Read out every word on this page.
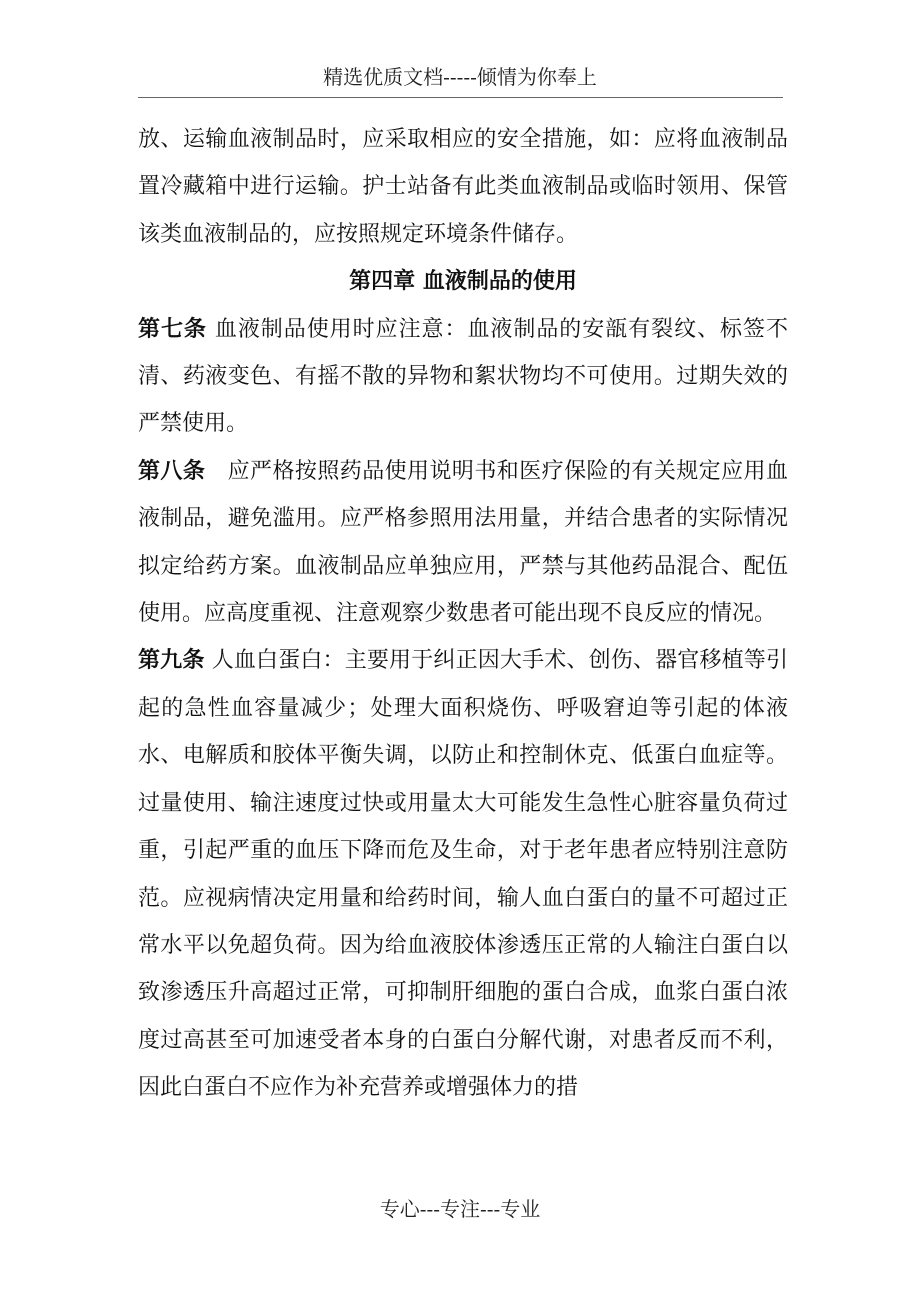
精选优质文档-----倾情为你奉上

放、运输血液制品时，应采取相应的安全措施，如：应将血液制品置冷藏箱中进行运输。护士站备有此类血液制品或临时领用、保管该类血液制品的，应按照规定环境条件储存。

第四章 血液制品的使用

第七条 血液制品使用时应注意：血液制品的安瓿有裂纹、标签不清、药液变色、有摇不散的异物和絮状物均不可使用。过期失效的严禁使用。

第八条 应严格按照药品使用说明书和医疗保险的有关规定应用血液制品，避免滥用。应严格参照用法用量，并结合患者的实际情况拟定给药方案。血液制品应单独应用，严禁与其他药品混合、配伍使用。应高度重视、注意观察少数患者可能出现不良反应的情况。

第九条 人血白蛋白：主要用于纠正因大手术、创伤、器官移植等引起的急性血容量减少；处理大面积烧伤、呼吸窘迫等引起的体液水、电解质和胶体平衡失调，以防止和控制休克、低蛋白血症等。过量使用、输注速度过快或用量太大可能发生急性心脏容量负荷过重，引起严重的血压下降而危及生命，对于老年患者应特别注意防范。应视病情决定用量和给药时间，输人血白蛋白的量不可超过正常水平以免超负荷。因为给血液胶体渗透压正常的人输注白蛋白以致渗透压升高超过正常，可抑制肝细胞的蛋白合成，血浆白蛋白浓度过高甚至可加速受者本身的白蛋白分解代谢，对患者反而不利，因此白蛋白不应作为补充营养或增强体力的措

专心---专注---专业
